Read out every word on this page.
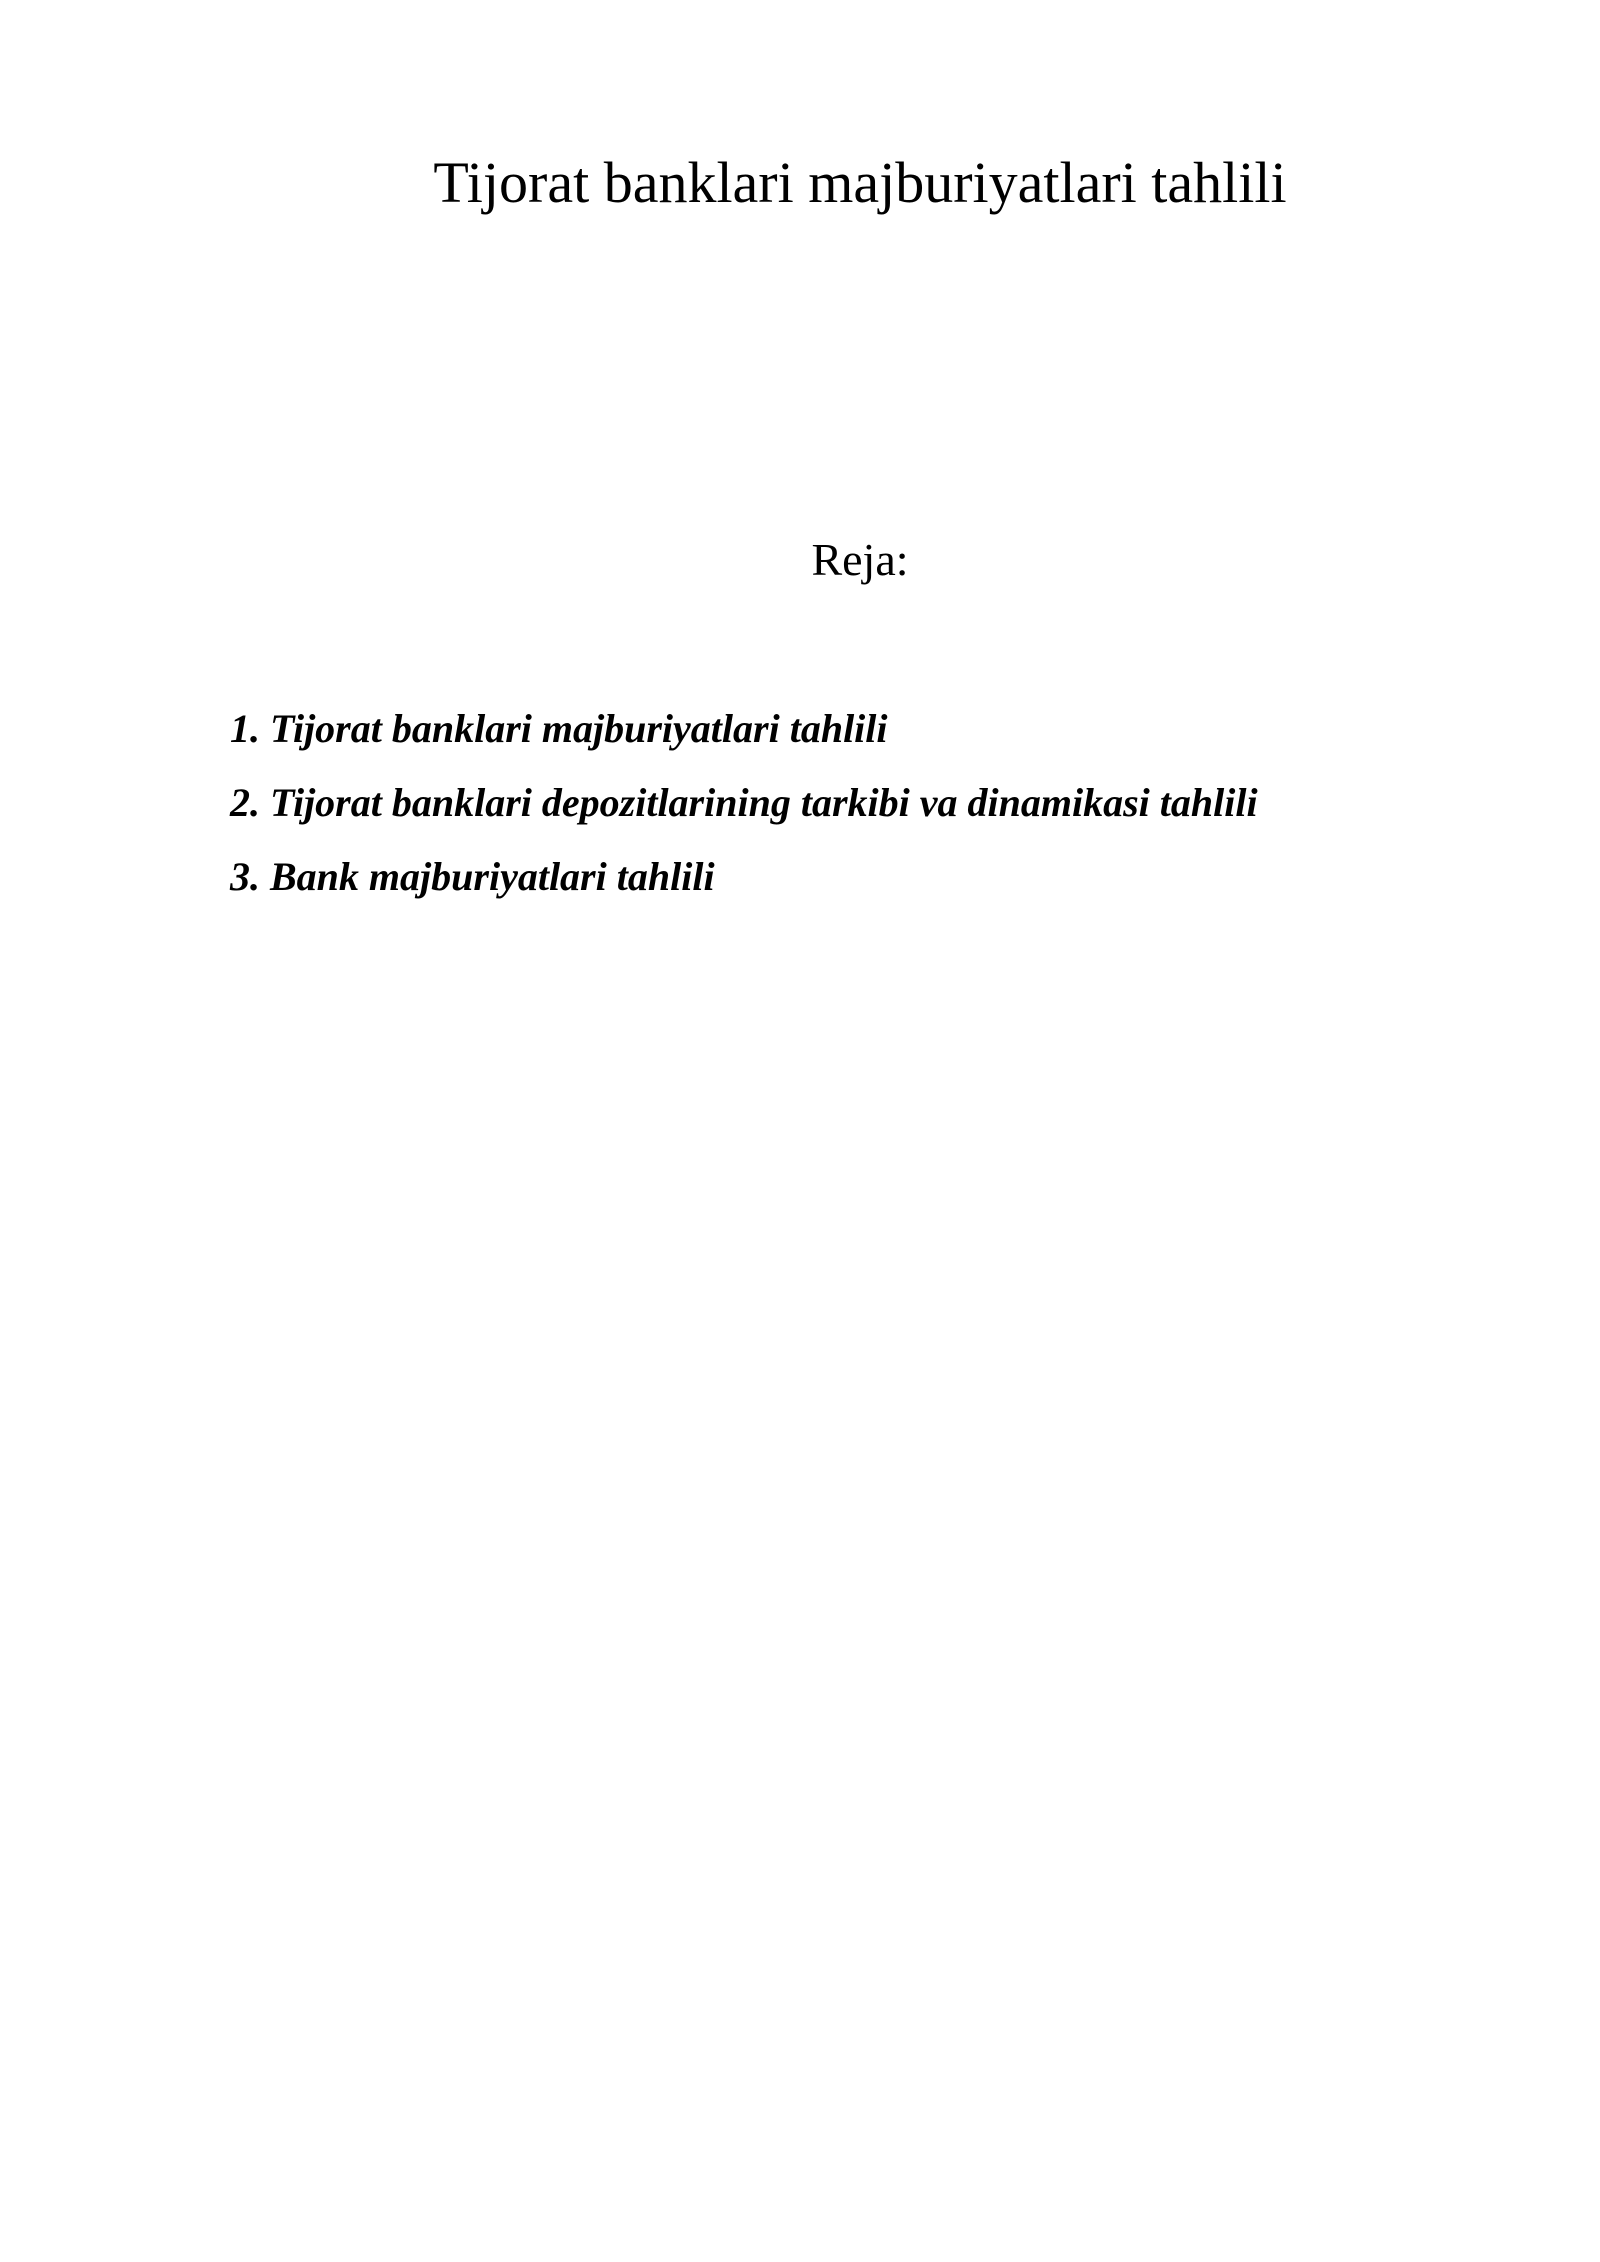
Tijorat banklari majburiyatlari tahlili
Reja:
1. Tijorat banklari majburiyatlari tahlili
2. Tijorat banklari depozitlarining tarkibi va dinamikasi tahlili
3. Bank majburiyatlari tahlili
